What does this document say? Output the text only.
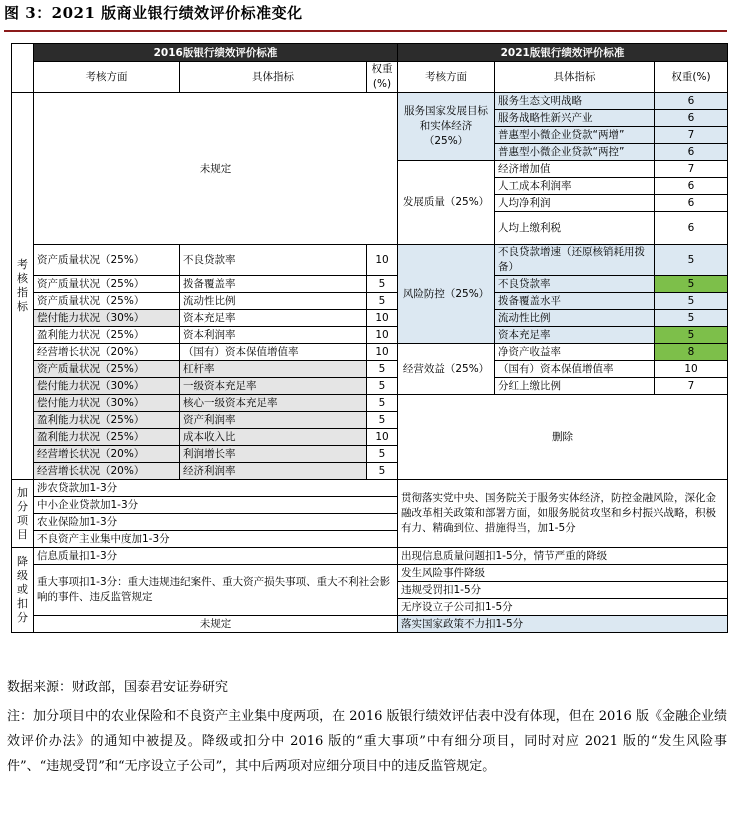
图 3：2021 版商业银行绩效评价标准变化
	2016版银行绩效评价标准			2021版银行绩效评价标准		
	考核方面	具体指标	权重(%)	考核方面	具体指标	权重(%)
考核指标	未规定			服务国家发展目标和实体经济（25%）	服务生态文明战略	6
					服务战略性新兴产业	6
					普惠型小微企业贷款“两增”	7
					普惠型小微企业贷款“两控”	6
				发展质量（25%）	经济增加值	7
					人工成本利润率	6
					人均净利润	6
					人均上缴利税	6
	资产质量状况（25%）	不良贷款率	10	风险防控（25%）	不良贷款增速（还原核销耗用拨备）	5
	资产质量状况（25%）	拨备覆盖率	5		不良贷款率	5
	资产质量状况（25%）	流动性比例	5		拨备覆盖水平	5
	偿付能力状况（30%）	资本充足率	10		流动性比例	5
	盈利能力状况（25%）	资本利润率	10		资本充足率	5
	经营增长状况（20%）	（国有）资本保值增值率	10	经营效益（25%）	净资产收益率	8
	资产质量状况（25%）	杠杆率	5		（国有）资本保值增值率	10
	偿付能力状况（30%）	一级资本充足率	5		分红上缴比例	7
	偿付能力状况（30%）	核心一级资本充足率	5	删除		
	盈利能力状况（25%）	资产利润率	5			
	盈利能力状况（25%）	成本收入比	10			
	经营增长状况（20%）	利润增长率	5			
	经营增长状况（20%）	经济利润率	5			
加分项目	涉农贷款加1-3分			贯彻落实党中央、国务院关于服务实体经济，防控金融风险，深化金融改革相关政策和部署方面，如服务脱贫攻坚和乡村振兴战略，积极有力、精确到位、措施得当，加1-5分		
	中小企业贷款加1-3分					
	农业保险加1-3分					
	不良资产主业集中度加1-3分					
降级或扣分	信息质量扣1-3分			出现信息质量问题扣1-5分，情节严重的降级		
	重大事项扣1-3分：重大违规违纪案件、重大资产损失事项、重大不利社会影响的事件、违反监管规定			发生风险事件降级		
				违规受罚扣1-5分		
				无序设立子公司扣1-5分		
	未规定			落实国家政策不力扣1-5分		
数据来源：财政部，国泰君安证券研究
注：加分项目中的农业保险和不良资产主业集中度两项，在 2016 版银行绩效评估表中没有体现，但在 2016 版《金融企业绩效评价办法》的通知中被提及。降级或扣分中 2016 版的“重大事项”中有细分项目，同时对应 2021 版的“发生风险事件”、“违规受罚”和“无序设立子公司”，其中后两项对应细分项目中的违反监管规定。
